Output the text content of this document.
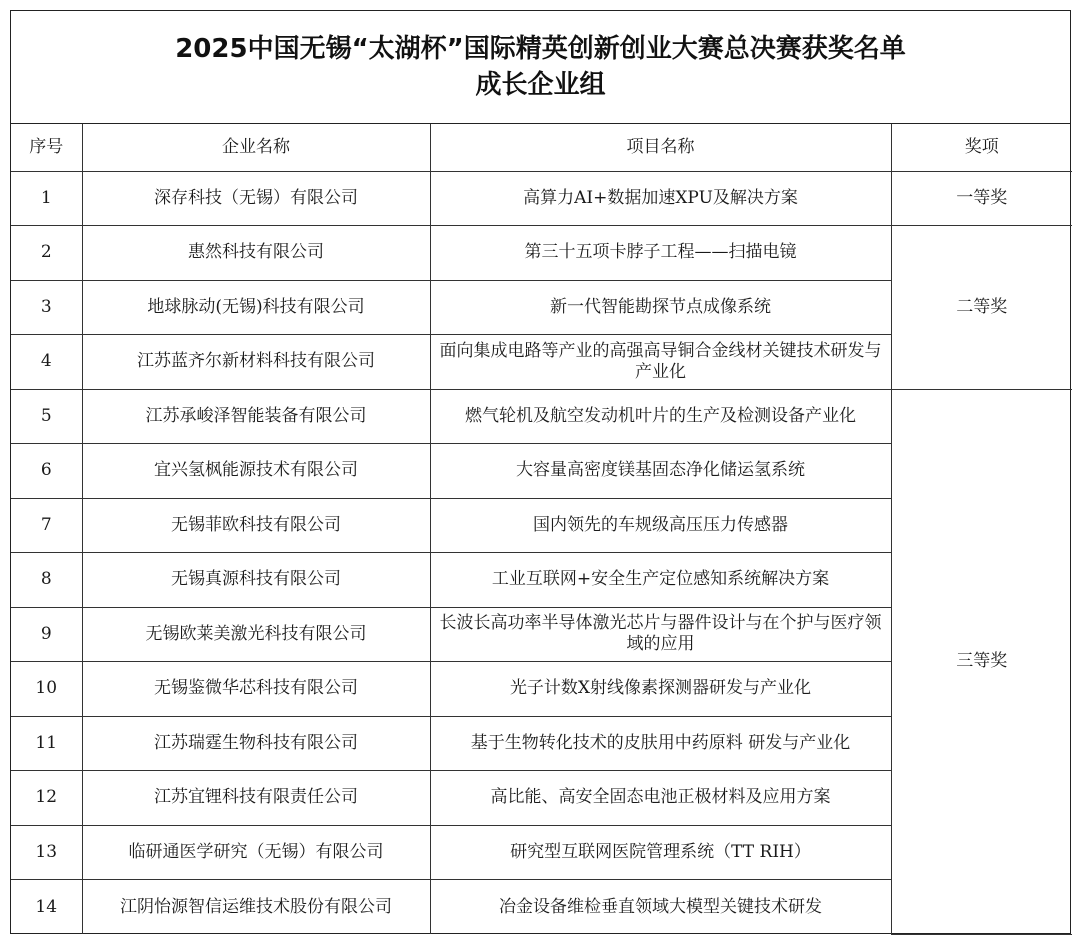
2025中国无锡“太湖杯”国际精英创新创业大赛总决赛获奖名单
成长企业组
序号	企业名称	项目名称	奖项
1	深存科技（无锡）有限公司	高算力AI+数据加速XPU及解决方案	一等奖
2	惠然科技有限公司	第三十五项卡脖子工程——扫描电镜	二等奖
3	地球脉动(无锡)科技有限公司	新一代智能勘探节点成像系统	
4	江苏蓝齐尔新材料科技有限公司	面向集成电路等产业的高强高导铜合金线材关键技术研发与产业化	
5	江苏承峻泽智能装备有限公司	燃气轮机及航空发动机叶片的生产及检测设备产业化	三等奖
6	宜兴氢枫能源技术有限公司	大容量高密度镁基固态净化储运氢系统	
7	无锡菲欧科技有限公司	国内领先的车规级高压压力传感器	
8	无锡真源科技有限公司	工业互联网+安全生产定位感知系统解决方案	
9	无锡欧莱美激光科技有限公司	长波长高功率半导体激光芯片与器件设计与在个护与医疗领域的应用	
10	无锡鉴微华芯科技有限公司	光子计数X射线像素探测器研发与产业化	
11	江苏瑞霆生物科技有限公司	基于生物转化技术的皮肤用中药原料 研发与产业化	
12	江苏宜锂科技有限责任公司	高比能、高安全固态电池正极材料及应用方案	
13	临研通医学研究（无锡）有限公司	研究型互联网医院管理系统（TT RIH）	
14	江阴怡源智信运维技术股份有限公司	冶金设备维检垂直领域大模型关键技术研发	
